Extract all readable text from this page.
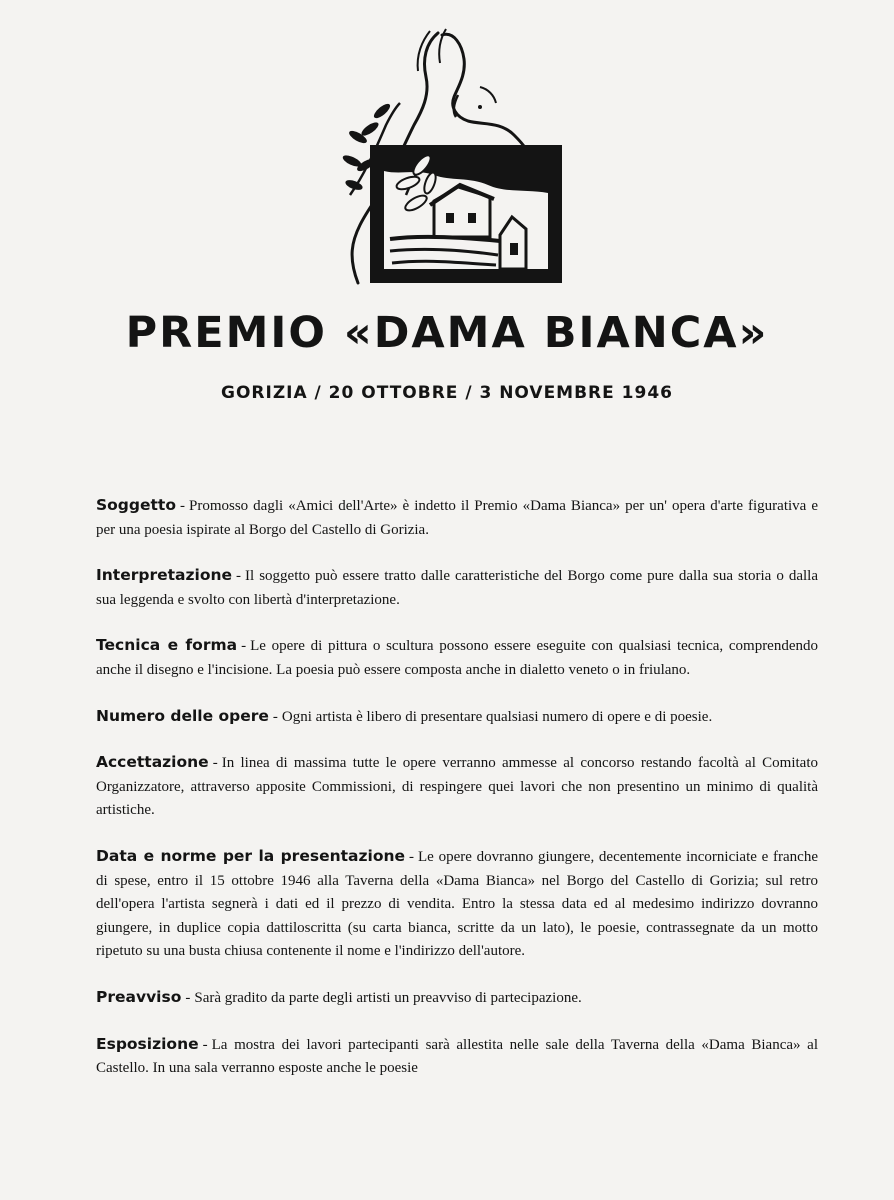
PREMIO «DAMA BIANCA»
GORIZIA / 20 OTTOBRE / 3 NOVEMBRE 1946

Soggetto - Promosso dagli «Amici dell'Arte» è indetto il Premio «Dama Bianca» per un' opera d'arte figurativa e per una poesia ispirate al Borgo del Castello di Gorizia.

Interpretazione - Il soggetto può essere tratto dalle caratteristiche del Borgo come pure dalla sua storia o dalla sua leggenda e svolto con libertà d'interpretazione.

Tecnica e forma - Le opere di pittura o scultura possono essere eseguite con qualsiasi tecnica, comprendendo anche il disegno e l'incisione. La poesia può essere composta anche in dialetto veneto o in friulano.

Numero delle opere - Ogni artista è libero di presentare qualsiasi numero di opere e di poesie.

Accettazione - In linea di massima tutte le opere verranno ammesse al concorso restando facoltà al Comitato Organizzatore, attraverso apposite Commissioni, di respingere quei lavori che non presentino un minimo di qualità artistiche.

Data e norme per la presentazione - Le opere dovranno giungere, decentemente incorniciate e franche di spese, entro il 15 ottobre 1946 alla Taverna della «Dama Bianca» nel Borgo del Castello di Gorizia; sul retro dell'opera l'artista segnerà i dati ed il prezzo di vendita. Entro la stessa data ed al medesimo indirizzo dovranno giungere, in duplice copia dattiloscritta (su carta bianca, scritte da un lato), le poesie, contrassegnate da un motto ripetuto su una busta chiusa contenente il nome e l'indirizzo dell'autore.

Preavviso - Sarà gradito da parte degli artisti un preavviso di partecipazione.

Esposizione - La mostra dei lavori partecipanti sarà allestita nelle sale della Taverna della «Dama Bianca» al Castello. In una sala verranno esposte anche le poesie
